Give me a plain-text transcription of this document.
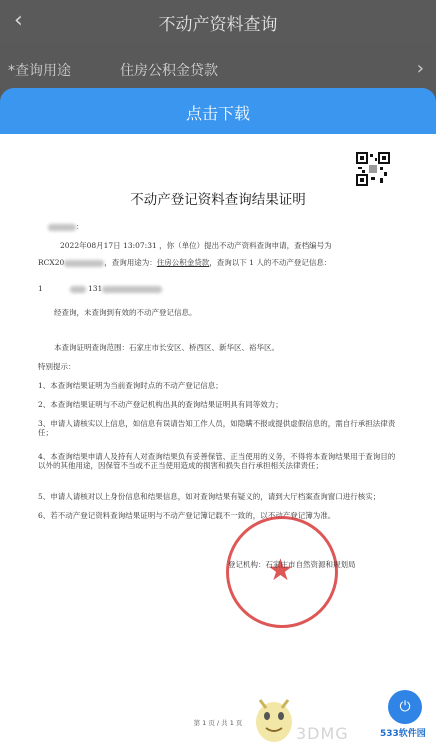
‹	不动产资料查询
*查询用途	住房公积金贷款	›
点击下载
不动产登记资料查询结果证明
：
2022年08月17日 13:07:31 ，你（单位）提出不动产资料查询申请，查档编号为
RCX20	，查询用途为：住房公积金贷款，查询以下 1 人的不动产登记信息：
1	131
经查询，未查询到有效的不动产登记信息。
本查询证明查询范围：石家庄市长安区、桥西区、新华区、裕华区。
特别提示：
1、本查询结果证明为当前查询时点的不动产登记信息；
2、本查询结果证明与不动产登记机构出具的查询结果证明具有同等效力；
3、申请人请核实以上信息，如信息有误请告知工作人员，如隐瞒不报或提供虚假信息的，需自行承担法律责任；
4、本查询结果申请人及持有人对查询结果负有妥善保管、正当使用的义务，不得将本查询结果用于查询目的以外的其他用途，因保管不当或不正当使用造成的损害和损失自行承担相关法律责任；
5、申请人请核对以上身份信息和结果信息，如对查询结果有疑义的，请到大厅档案查询窗口进行核实；
6、若不动产登记资料查询结果证明与不动产登记簿记载不一致的，以不动产登记簿为准。
★
登记机构：石家庄市自然资源和规划局
第 1 页 / 共 1 页
⏻
3DMG	533软件园
